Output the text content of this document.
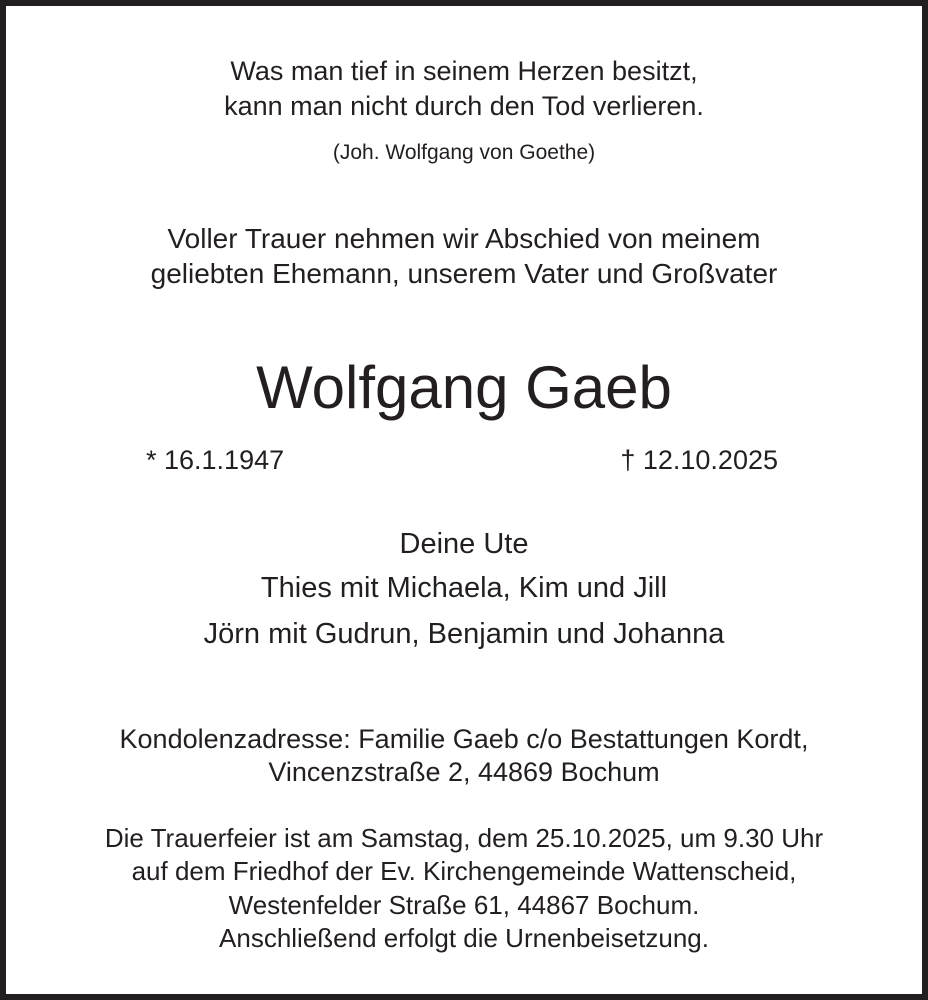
Was man tief in seinem Herzen besitzt,
kann man nicht durch den Tod verlieren.
(Joh. Wolfgang von Goethe)
Voller Trauer nehmen wir Abschied von meinem
geliebten Ehemann, unserem Vater und Großvater
Wolfgang Gaeb
* 16.1.1947	† 12.10.2025
Deine Ute
Thies mit Michaela, Kim und Jill
Jörn mit Gudrun, Benjamin und Johanna
Kondolenzadresse: Familie Gaeb c/o Bestattungen Kordt,
Vincenzstraße 2, 44869 Bochum
Die Trauerfeier ist am Samstag, dem 25.10.2025, um 9.30 Uhr
auf dem Friedhof der Ev. Kirchengemeinde Wattenscheid,
Westenfelder Straße 61, 44867 Bochum.
Anschließend erfolgt die Urnenbeisetzung.
